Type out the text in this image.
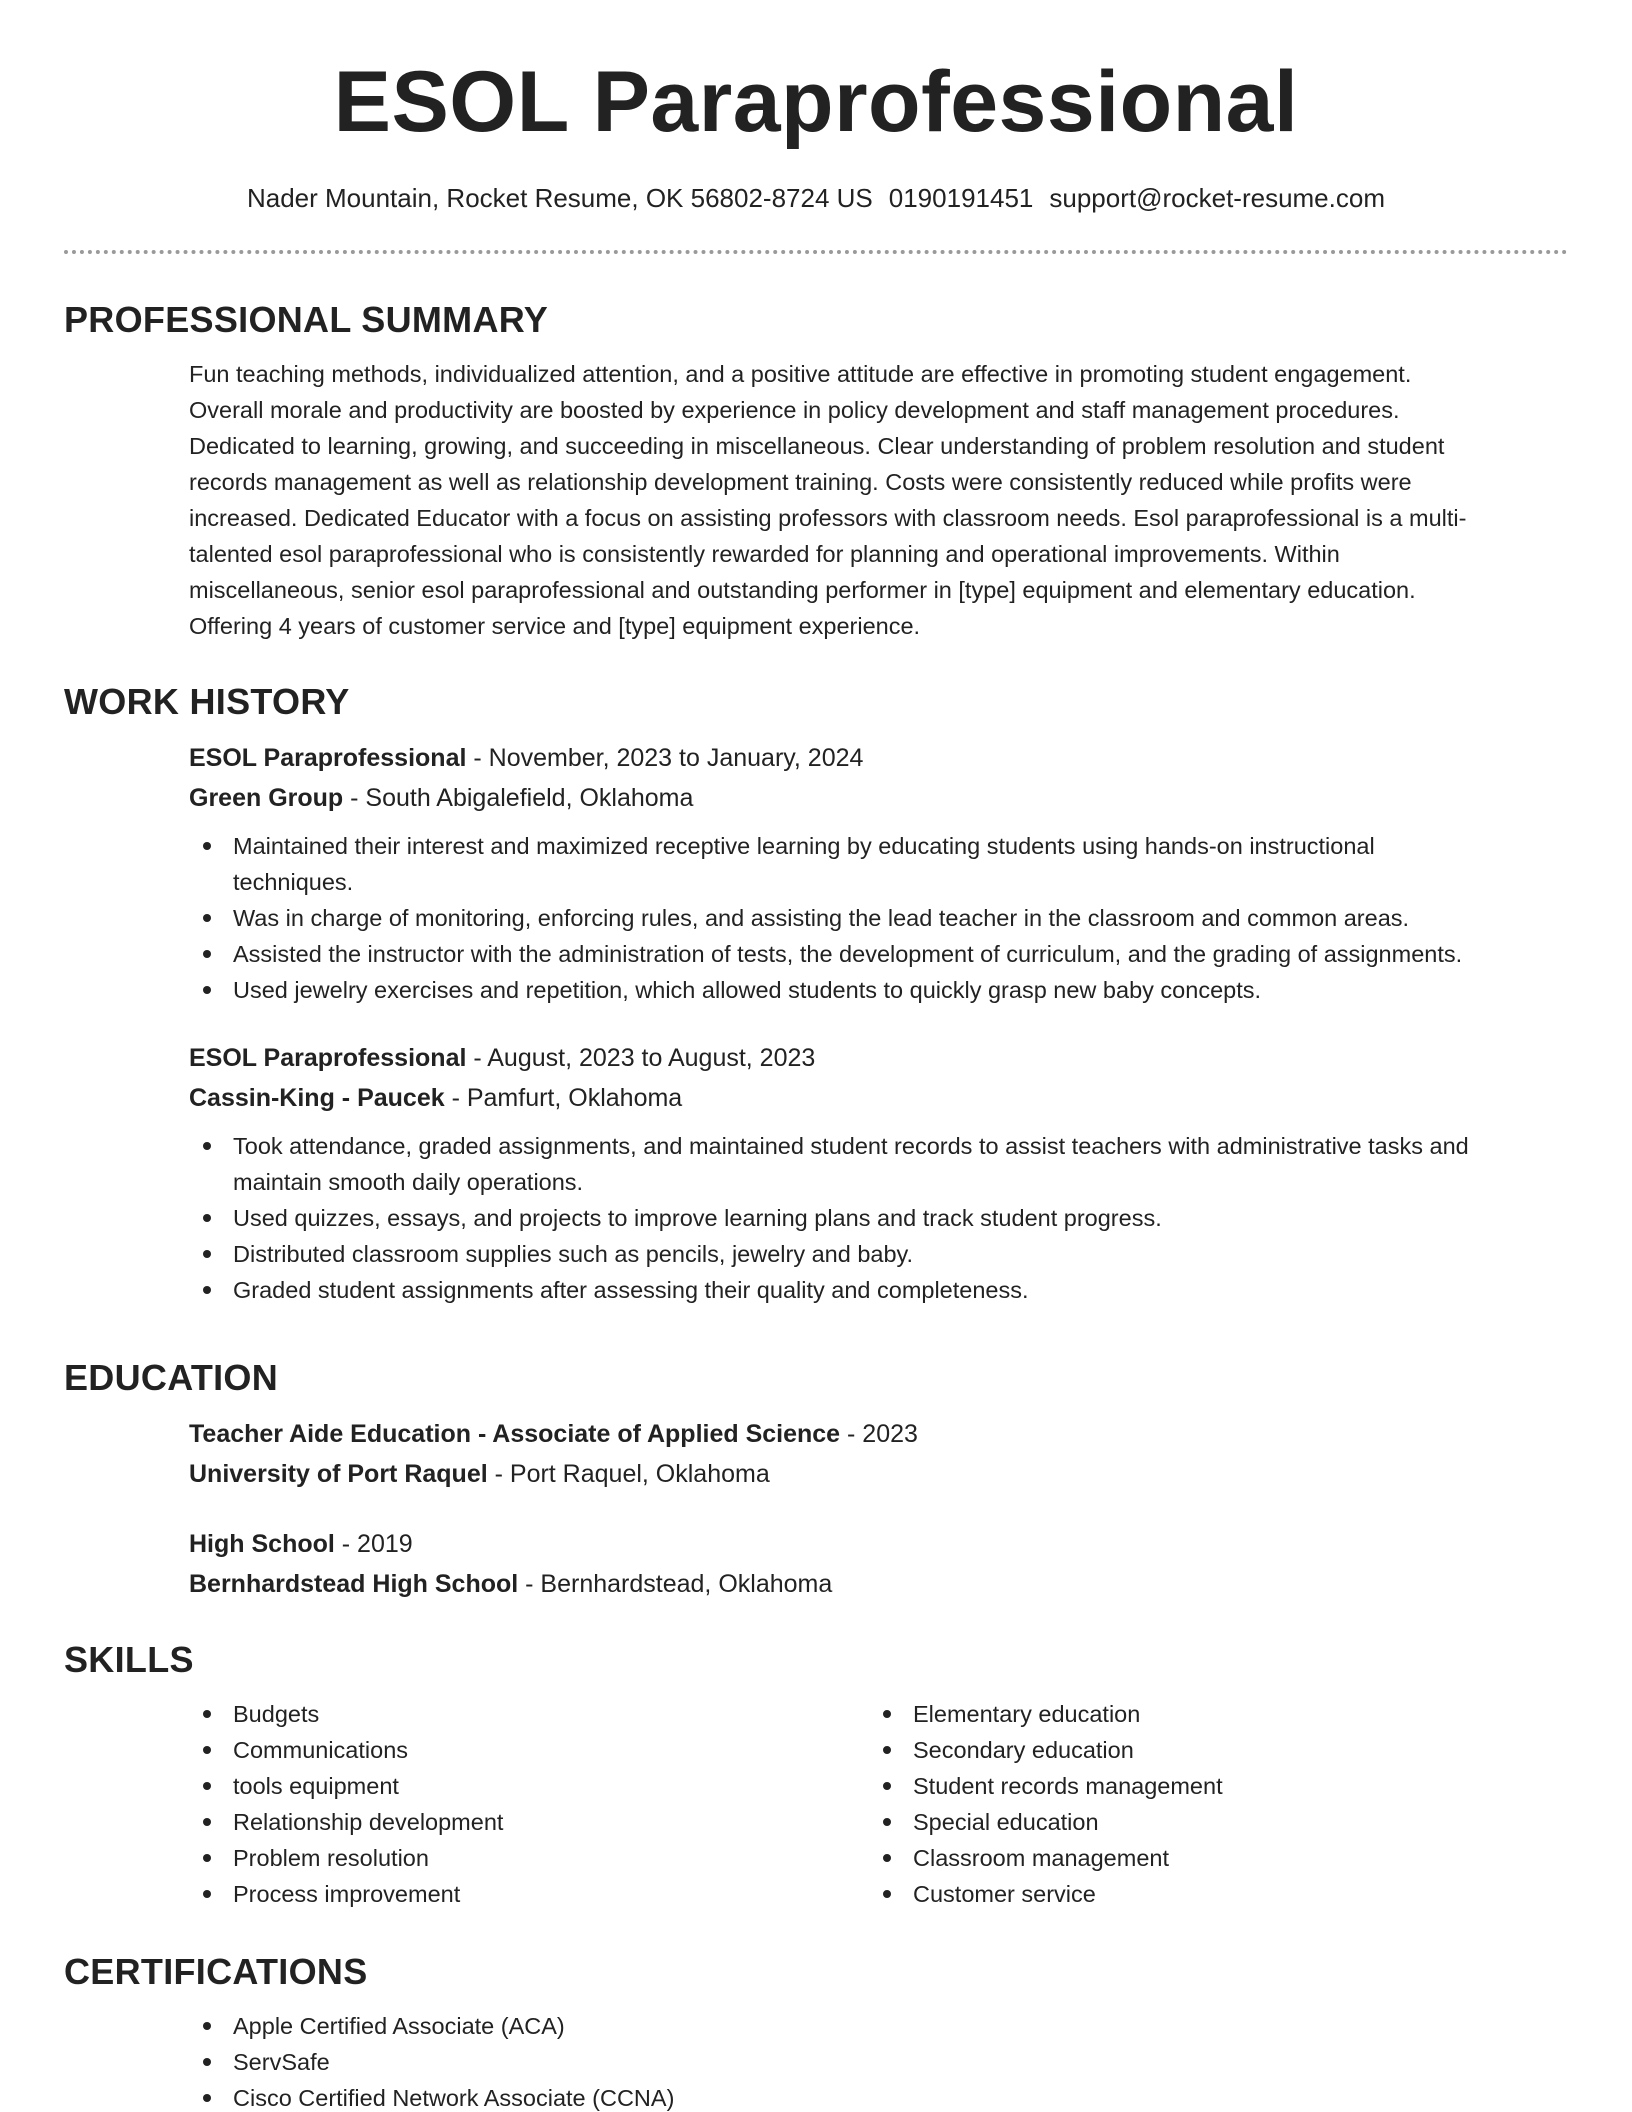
ESOL Paraprofessional
Nader Mountain, Rocket Resume, OK 56802-8724 US 0190191451 support@rocket-resume.com
PROFESSIONAL SUMMARY
Fun teaching methods, individualized attention, and a positive attitude are effective in promoting student engagement.
Overall morale and productivity are boosted by experience in policy development and staff management procedures.
Dedicated to learning, growing, and succeeding in miscellaneous. Clear understanding of problem resolution and student
records management as well as relationship development training. Costs were consistently reduced while profits were
increased. Dedicated Educator with a focus on assisting professors with classroom needs. Esol paraprofessional is a multi-
talented esol paraprofessional who is consistently rewarded for planning and operational improvements. Within
miscellaneous, senior esol paraprofessional and outstanding performer in [type] equipment and elementary education.
Offering 4 years of customer service and [type] equipment experience.
WORK HISTORY
ESOL Paraprofessional - November, 2023 to January, 2024
Green Group - South Abigalefield, Oklahoma
Maintained their interest and maximized receptive learning by educating students using hands-on instructional
techniques.
Was in charge of monitoring, enforcing rules, and assisting the lead teacher in the classroom and common areas.
Assisted the instructor with the administration of tests, the development of curriculum, and the grading of assignments.
Used jewelry exercises and repetition, which allowed students to quickly grasp new baby concepts.
ESOL Paraprofessional - August, 2023 to August, 2023
Cassin-King - Paucek - Pamfurt, Oklahoma
Took attendance, graded assignments, and maintained student records to assist teachers with administrative tasks and
maintain smooth daily operations.
Used quizzes, essays, and projects to improve learning plans and track student progress.
Distributed classroom supplies such as pencils, jewelry and baby.
Graded student assignments after assessing their quality and completeness.
EDUCATION
Teacher Aide Education - Associate of Applied Science - 2023
University of Port Raquel - Port Raquel, Oklahoma
High School - 2019
Bernhardstead High School - Bernhardstead, Oklahoma
SKILLS
Budgets
Communications
tools equipment
Relationship development
Problem resolution
Process improvement
Elementary education
Secondary education
Student records management
Special education
Classroom management
Customer service
CERTIFICATIONS
Apple Certified Associate (ACA)
ServSafe
Cisco Certified Network Associate (CCNA)
